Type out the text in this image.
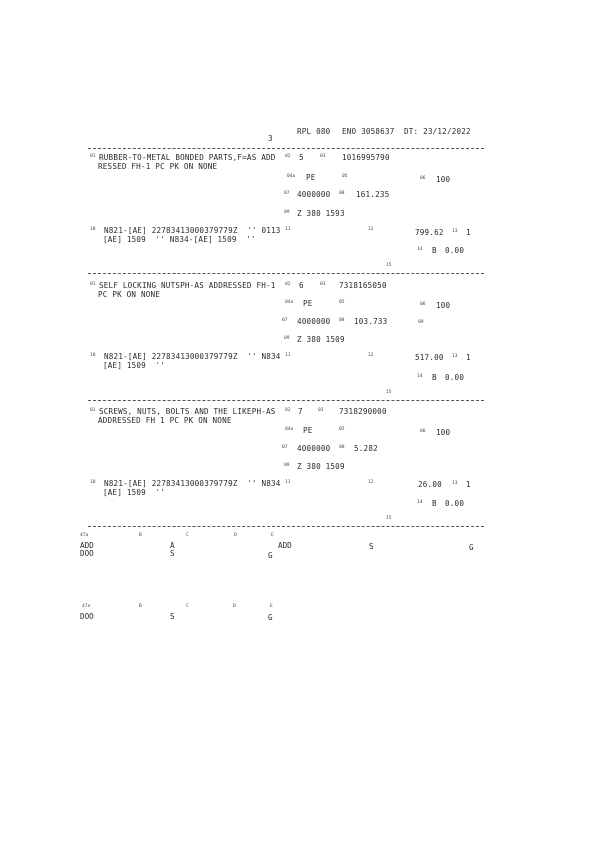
RPL 080 ENO 3058637 DT: 23/12/2022
3
01 RUBBER-TO-METAL BONDED PARTS,F=AS ADD
RESSED FH-1 PC PK ON NONE
02 5	03 1016995790
04a PE	05	06 100
07 4000000 08 161.235
09 Z 380 1593
10 N821-[AE] 22783413000379779Z  '' 0113
[AE] 1509  '' N834-[AE] 1509  ''
11	12	799.62 13 1
14 B 0.00
15
01 SELF LOCKING NUTSPH-AS ADDRESSED FH-1
PC PK ON NONE
02 6	03 7318165050
04a PE	05	06 100
07 4000000 08 103.733	09
09 Z 380 1509
10 N821-[AE] 22783413000379779Z  '' N834
[AE] 1509  ''
11	12	517.00 13 1
14 B 0.00
15
01 SCREWS, NUTS, BOLTS AND THE LIKEPH-AS
ADDRESSED FH 1 PC PK ON NONE
02 7	03 7318290000
04a PE	05	06 100
07 4000000 08 5.282
09 Z 380 1509
10 N821-[AE] 22783413000379779Z  '' N834
[AE] 1509  ''
11	12	26.00 13 1
14 B 0.00
15
47a	B	C	D	E
ADD	A	ADD	S	G
DOO	S	G
47a	B	C	D	E
DOO	S	G
